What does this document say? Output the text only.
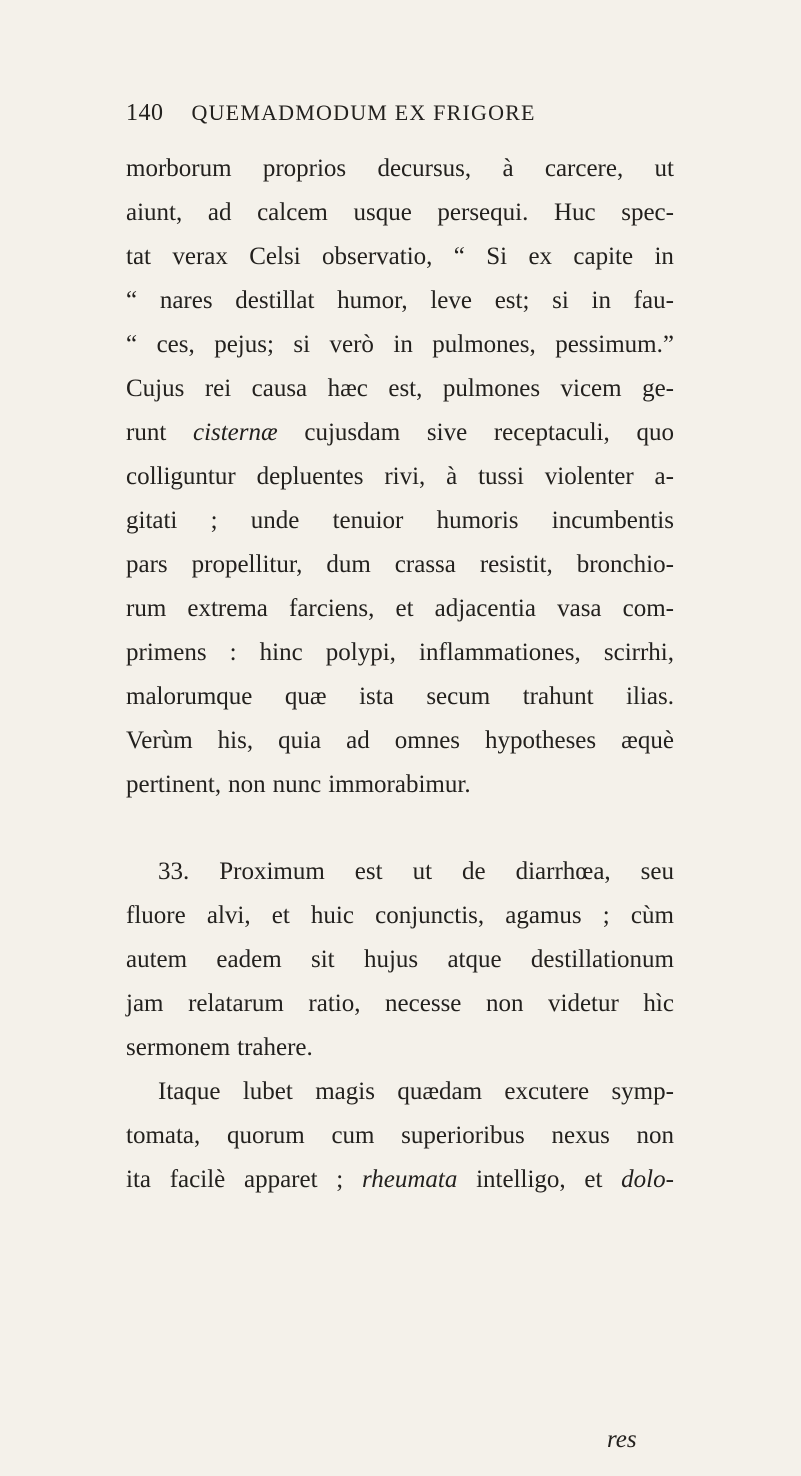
140 QUEMADMODUM EX FRIGORE
morborum proprios decursus, à carcere, ut
aiunt, ad calcem usque persequi. Huc spec-
tat verax Celsi observatio, “ Si ex capite in
“ nares destillat humor, leve est; si in fau-
“ ces, pejus; si verò in pulmones, pessimum.”
Cujus rei causa hæc est, pulmones vicem ge-
runt cisternæ cujusdam sive receptaculi, quo
colliguntur depluentes rivi, à tussi violenter a-
gitati ; unde tenuior humoris incumbentis
pars propellitur, dum crassa resistit, bronchio-
rum extrema farciens, et adjacentia vasa com-
primens : hinc polypi, inflammationes, scirrhi,
malorumque quæ ista secum trahunt ilias.
Verùm his, quia ad omnes hypotheses æquè
pertinent, non nunc immorabimur.
33. Proximum est ut de diarrhœa, seu
fluore alvi, et huic conjunctis, agamus ; cùm
autem eadem sit hujus atque destillationum
jam relatarum ratio, necesse non videtur hìc
sermonem trahere.
Itaque lubet magis quædam excutere symp-
tomata, quorum cum superioribus nexus non
ita facilè apparet ; rheumata intelligo, et dolo-
res
